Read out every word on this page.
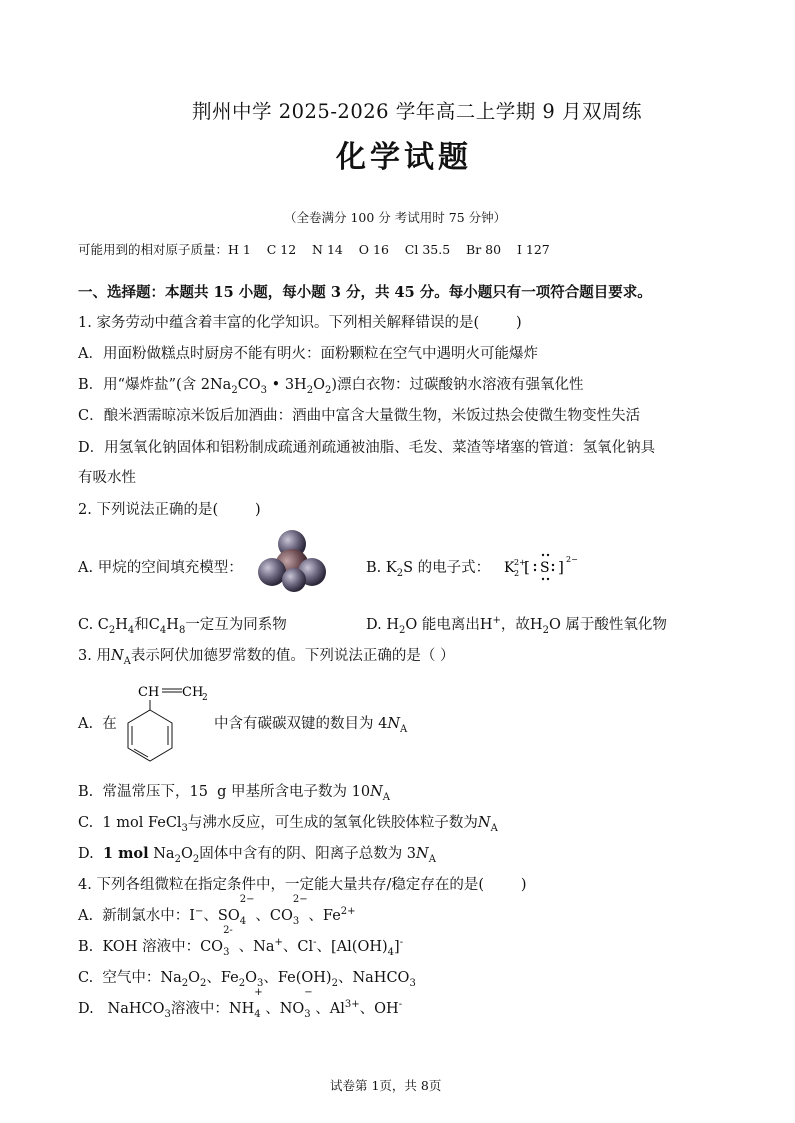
荆州中学 2025-2026 学年高二上学期 9 月双周练
化学试题
（全卷满分 100 分 考试用时 75 分钟）
可能用到的相对原子质量：H 1    C 12    N 14    O 16    Cl 35.5    Br 80    I 127
一、选择题：本题共 15 小题，每小题 3 分，共 45 分。每小题只有一项符合题目要求。
1. 家务劳动中蕴含着丰富的化学知识。下列相关解释错误的是(        )
A．用面粉做糕点时厨房不能有明火：面粉颗粒在空气中遇明火可能爆炸
B．用“爆炸盐”(含 $2Na_2CO_3$ • $3H_2O_2$)漂白衣物：过碳酸钠水溶液有强氧化性
C．酿米酒需晾凉米饭后加酒曲：酒曲中富含大量微生物，米饭过热会使微生物变性失活
D．用氢氧化钠固体和铝粉制成疏通剂疏通被油脂、毛发、菜渣等堵塞的管道：氢氧化钠具
有吸水性
2. 下列说法正确的是(        )
A. 甲烷的空间填充模型：	B. $K_2S$ 的电子式： K 2+
2 [ S ] 2−
C. $C_2H_4$和$C_4H_8$一定互为同系物	D. $H_2O$ 能电离出H+，故$H_2O$ 属于酸性氧化物
3. 用$N_A$表示阿伏加德罗常数的值。下列说法正确的是（ ）
A.  在
CH CH
2
中含有碳碳双键的数目为 $4N_A$
B.  常温常压下，15  g 甲基所含电子数为 $10N_A$
C.  1 mol FeCl$_3$与沸水反应，可生成的氢氧化铁胶体粒子数为$N_A$
D.  1 mol $Na_2O_2$固体中含有的阴、阳离子总数为 $3N_A$
4. 下列各组微粒在指定条件中，一定能大量共存/稳定存在的是(        )
A.  新制氯水中：I−、SO
2−
$_4$  、CO
2−
$_3$  、$Fe^{2+}$
B.  KOH 溶液中：CO
2-
$_3$  、Na+、Cl-、$[Al(OH)_4]^-$
C.  空气中：$Na_2O_2$、$Fe_2O_3$、$Fe(OH)_2$、NaHCO$_3$
D.   NaHCO$_3$溶液中：NH
+
$_4$ 、NO
−
$_3$ 、$Al^{3+}$、OH-
试卷第 1页，共 8页
